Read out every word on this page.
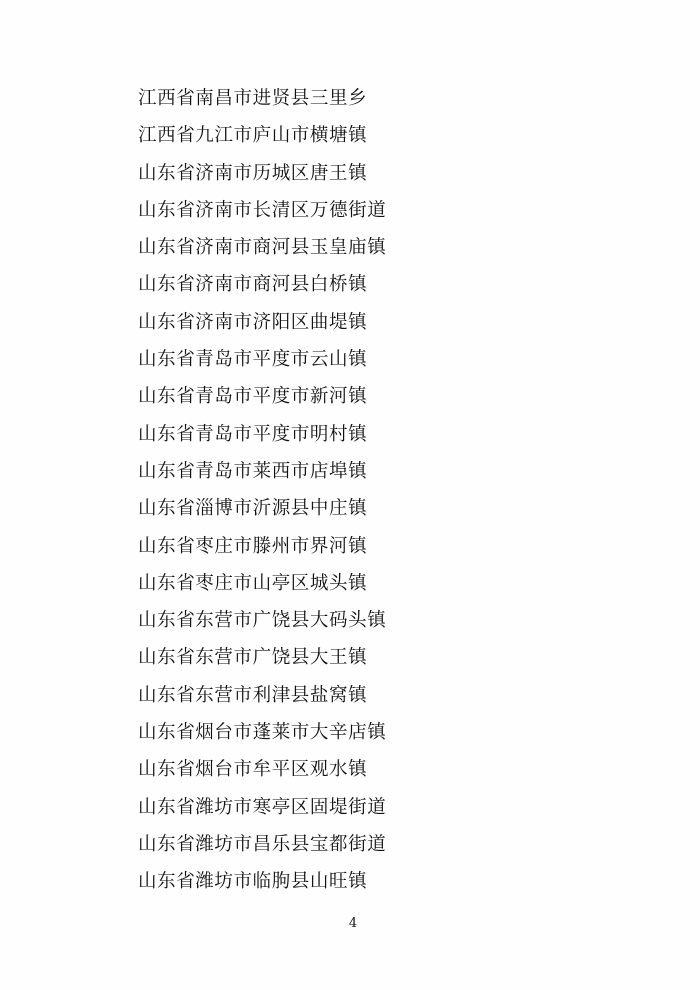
江西省南昌市进贤县三里乡
江西省九江市庐山市横塘镇
山东省济南市历城区唐王镇
山东省济南市长清区万德街道
山东省济南市商河县玉皇庙镇
山东省济南市商河县白桥镇
山东省济南市济阳区曲堤镇
山东省青岛市平度市云山镇
山东省青岛市平度市新河镇
山东省青岛市平度市明村镇
山东省青岛市莱西市店埠镇
山东省淄博市沂源县中庄镇
山东省枣庄市滕州市界河镇
山东省枣庄市山亭区城头镇
山东省东营市广饶县大码头镇
山东省东营市广饶县大王镇
山东省东营市利津县盐窝镇
山东省烟台市蓬莱市大辛店镇
山东省烟台市牟平区观水镇
山东省潍坊市寒亭区固堤街道
山东省潍坊市昌乐县宝都街道
山东省潍坊市临朐县山旺镇
4
